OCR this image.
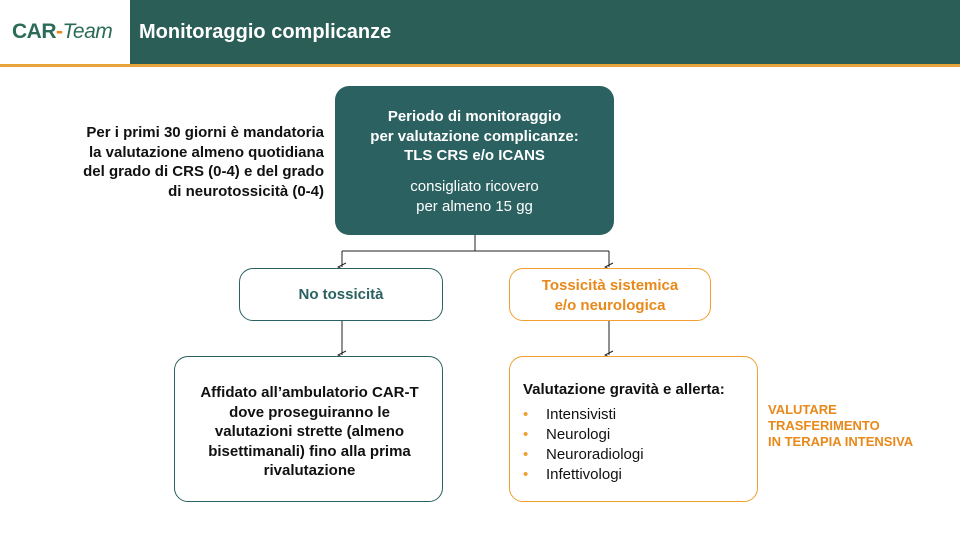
CAR-Team Monitoraggio complicanze
Per i primi 30 giorni è mandatoria
la valutazione almeno quotidiana
del grado di CRS (0-4) e del grado
di neurotossicità (0-4)
Periodo di monitoraggio
per valutazione complicanze:
TLS CRS e/o ICANS
consigliato ricovero
per almeno 15 gg
No tossicità
Tossicità sistemica
e/o neurologica
Affidato all’ambulatorio CAR-T
dove proseguiranno le
valutazioni strette (almeno
bisettimanali) fino alla prima
rivalutazione
Valutazione gravità e allerta:
• Intensivisti
• Neurologi
• Neuroradiologi
• Infettivologi
VALUTARE
TRASFERIMENTO
IN TERAPIA INTENSIVA
